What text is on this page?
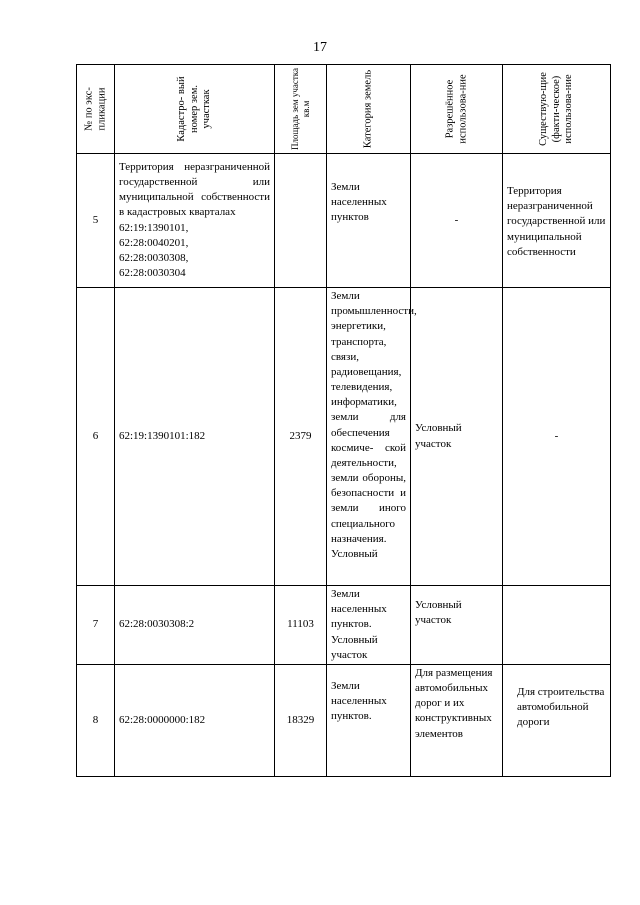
17
№ по экс-пликации	Кадастро- вый номер зем. участкак	Площадь зем участка кв.м	Категория земель	Разрешённое использова-ние	Существую-щие (факти-ческое) использова-ние

5	Территория неразграниченной государственной или муниципальной собственности в кадастровых кварталах
62:19:1390101,
62:28:0040201,
62:28:0030308,
62:28:0030304		Земли населенных пунктов	-	Территория неразграниченной государственной или муниципальной собственности
6	62:19:1390101:182	2379	Земли промышленности, энергетики, транспорта, связи, радиовещания, телевидения, информатики, земли для обеспечения космиче- ской деятельности, земли обороны, безопасности и земли иного специального назначения. Условный	Условный участок	-
7	62:28:0030308:2	11103	Земли населенных пунктов. Условный участок	Условный участок	
8	62:28:0000000:182	18329	Земли населенных пунктов.	Для размещения автомобильных дорог и их конструктивных элементов	Для строительства автомобильной дороги
